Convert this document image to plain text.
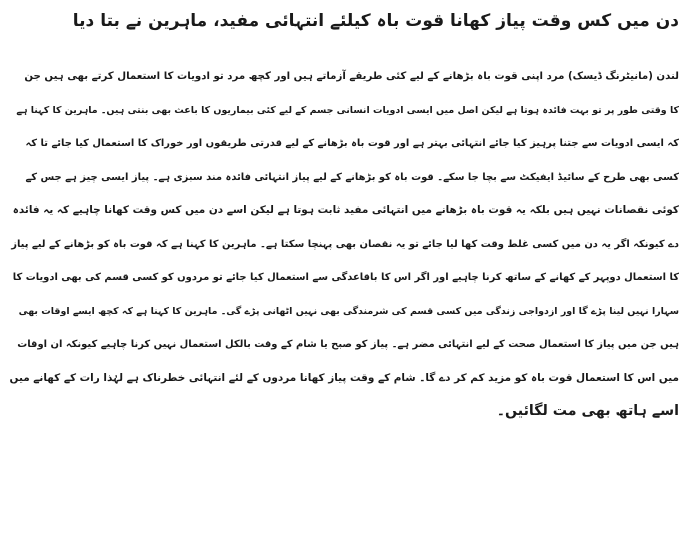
دن میں کس وقت پیاز کھانا قوت باہ کیلئے انتہائی مفید، ماہرین نے بتا دیا
لندن (مانیٹرنگ ڈیسک) مرد اپنی قوت باہ بڑھانے کے لیے کئی طریقے آزماتے ہیں اور کچھ مرد تو ادویات کا استعمال کرتے بھی ہیں جن
کا وقتی طور پر تو بہت فائدہ ہوتا ہے لیکن اصل میں ایسی ادویات انسانی جسم کے لیے کئی بیماریوں کا باعث بھی بنتی ہیں۔ ماہرین کا کہنا ہے
کہ ایسی ادویات سے جتنا پرہیز کیا جائے انتہائی بہتر ہے اور قوت باہ بڑھانے کے لیے قدرتی طریقوں اور خوراک کا استعمال کیا جائے تا کہ
کسی بھی طرح کے سائیڈ ایفیکٹ سے بچا جا سکے۔ قوت باہ کو بڑھانے کے لیے پیاز انتہائی فائدہ مند سبزی ہے۔ پیاز ایسی چیز ہے جس کے
کوئی نقصانات نہیں ہیں بلکہ یہ قوت باہ بڑھانے میں انتہائی مفید ثابت ہوتا ہے لیکن اسے دن میں کس وقت کھانا چاہیے کہ یہ فائدہ
دے کیونکہ اگر یہ دن میں کسی غلط وقت کھا لیا جائے تو یہ نقصان بھی پہنچا سکتا ہے۔ ماہرین کا کہنا ہے کہ قوت باہ کو بڑھانے کے لیے پیاز
کا استعمال دوپہر کے کھانے کے ساتھ کرنا چاہیے اور اگر اس کا باقاعدگی سے استعمال کیا جائے تو مردوں کو کسی قسم کی بھی ادویات کا
سہارا نہیں لینا پڑے گا اور ازدواجی زندگی میں کسی قسم کی شرمندگی بھی نہیں اٹھانی پڑے گی۔ ماہرین کا کہنا ہے کہ کچھ ایسے اوقات بھی
ہیں جن میں پیاز کا استعمال صحت کے لیے انتہائی مضر ہے۔ پیاز کو صبح یا شام کے وقت بالکل استعمال نہیں کرنا چاہیے کیونکہ ان اوقات
میں اس کا استعمال قوت باہ کو مزید کم کر دے گا۔ شام کے وقت پیاز کھانا مردوں کے لئے انتہائی خطرناک ہے لہٰذا رات کے کھانے میں
اسے ہاتھ بھی مت لگائیں۔
